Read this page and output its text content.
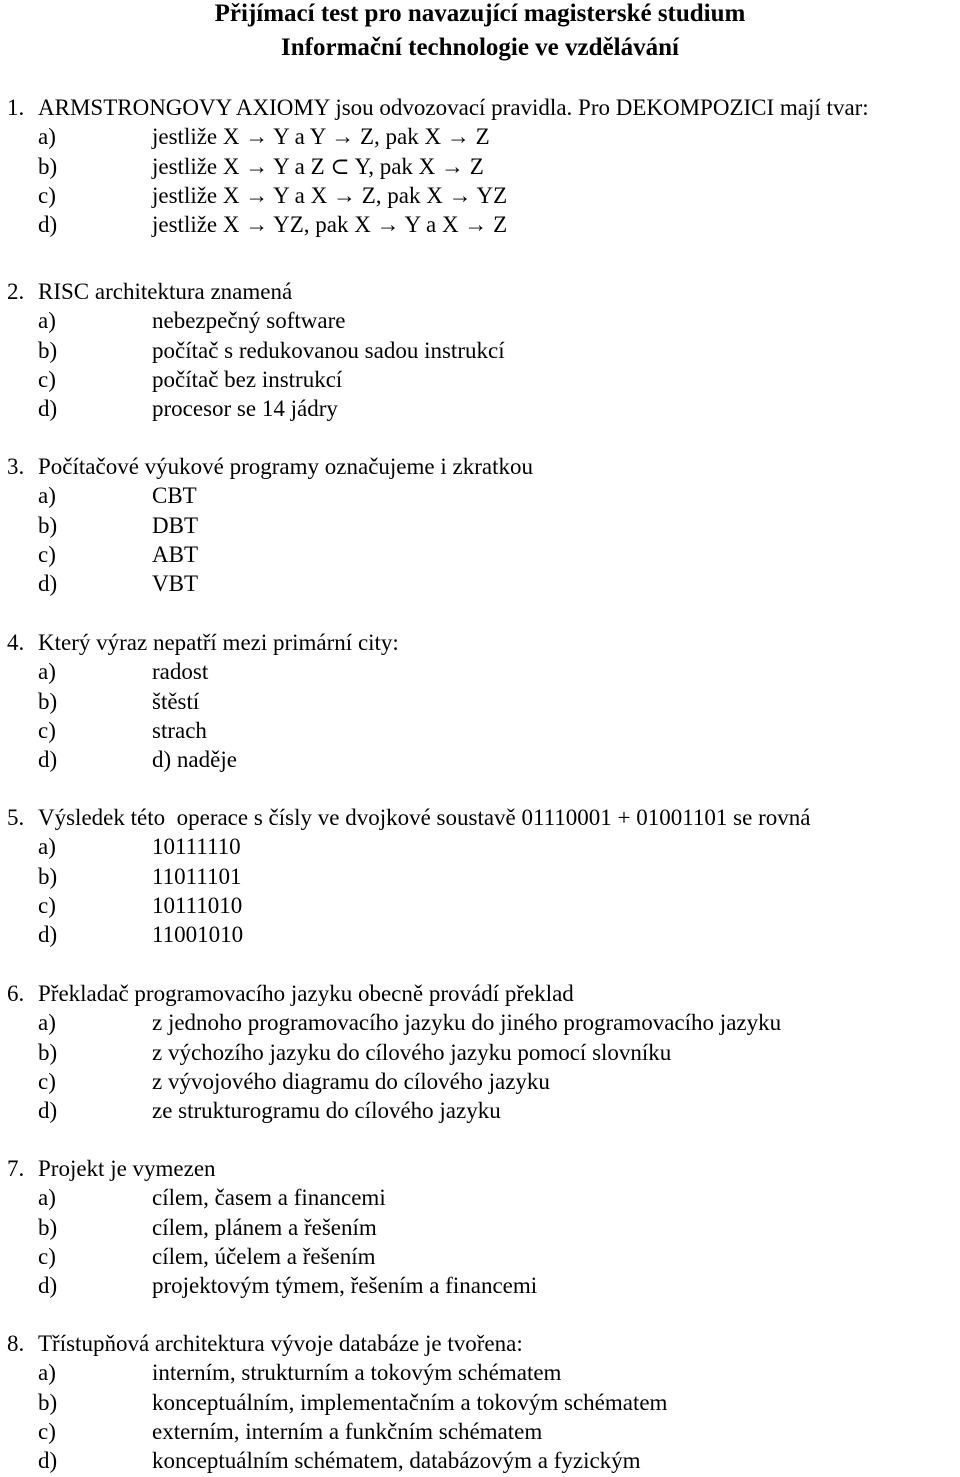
Přijímací test pro navazující magisterské studium
Informační technologie ve vzdělávání
1. ARMSTRONGOVY AXIOMY jsou odvozovací pravidla. Pro DEKOMPOZICI mají tvar:
a)	jestliže X → Y a Y → Z, pak X → Z
b)	jestliže X → Y a Z ⊂ Y, pak X → Z
c)	jestliže X → Y a X → Z, pak X → YZ
d)	jestliže X → YZ, pak X → Y a X → Z
2. RISC architektura znamená
a)	nebezpečný software
b)	počítač s redukovanou sadou instrukcí
c)	počítač bez instrukcí
d)	procesor se 14 jádry
3. Počítačové výukové programy označujeme i zkratkou
a)	CBT
b)	DBT
c)	ABT
d)	VBT
4. Který výraz nepatří mezi primární city:
a)	radost
b)	štěstí
c)	strach
d)	d) naděje
5. Výsledek této  operace s čísly ve dvojkové soustavě 01110001 + 01001101 se rovná
a)	10111110
b)	11011101
c)	10111010
d)	11001010
6. Překladač programovacího jazyku obecně provádí překlad
a)	z jednoho programovacího jazyku do jiného programovacího jazyku
b)	z výchozího jazyku do cílového jazyku pomocí slovníku
c)	z vývojového diagramu do cílového jazyku
d)	ze strukturogramu do cílového jazyku
7. Projekt je vymezen
a)	cílem, časem a financemi
b)	cílem, plánem a řešením
c)	cílem, účelem a řešením
d)	projektovým týmem, řešením a financemi
8. Třístupňová architektura vývoje databáze je tvořena:
a)	interním, strukturním a tokovým schématem
b)	konceptuálním, implementačním a tokovým schématem
c)	externím, interním a funkčním schématem
d)	konceptuálním schématem, databázovým a fyzickým
